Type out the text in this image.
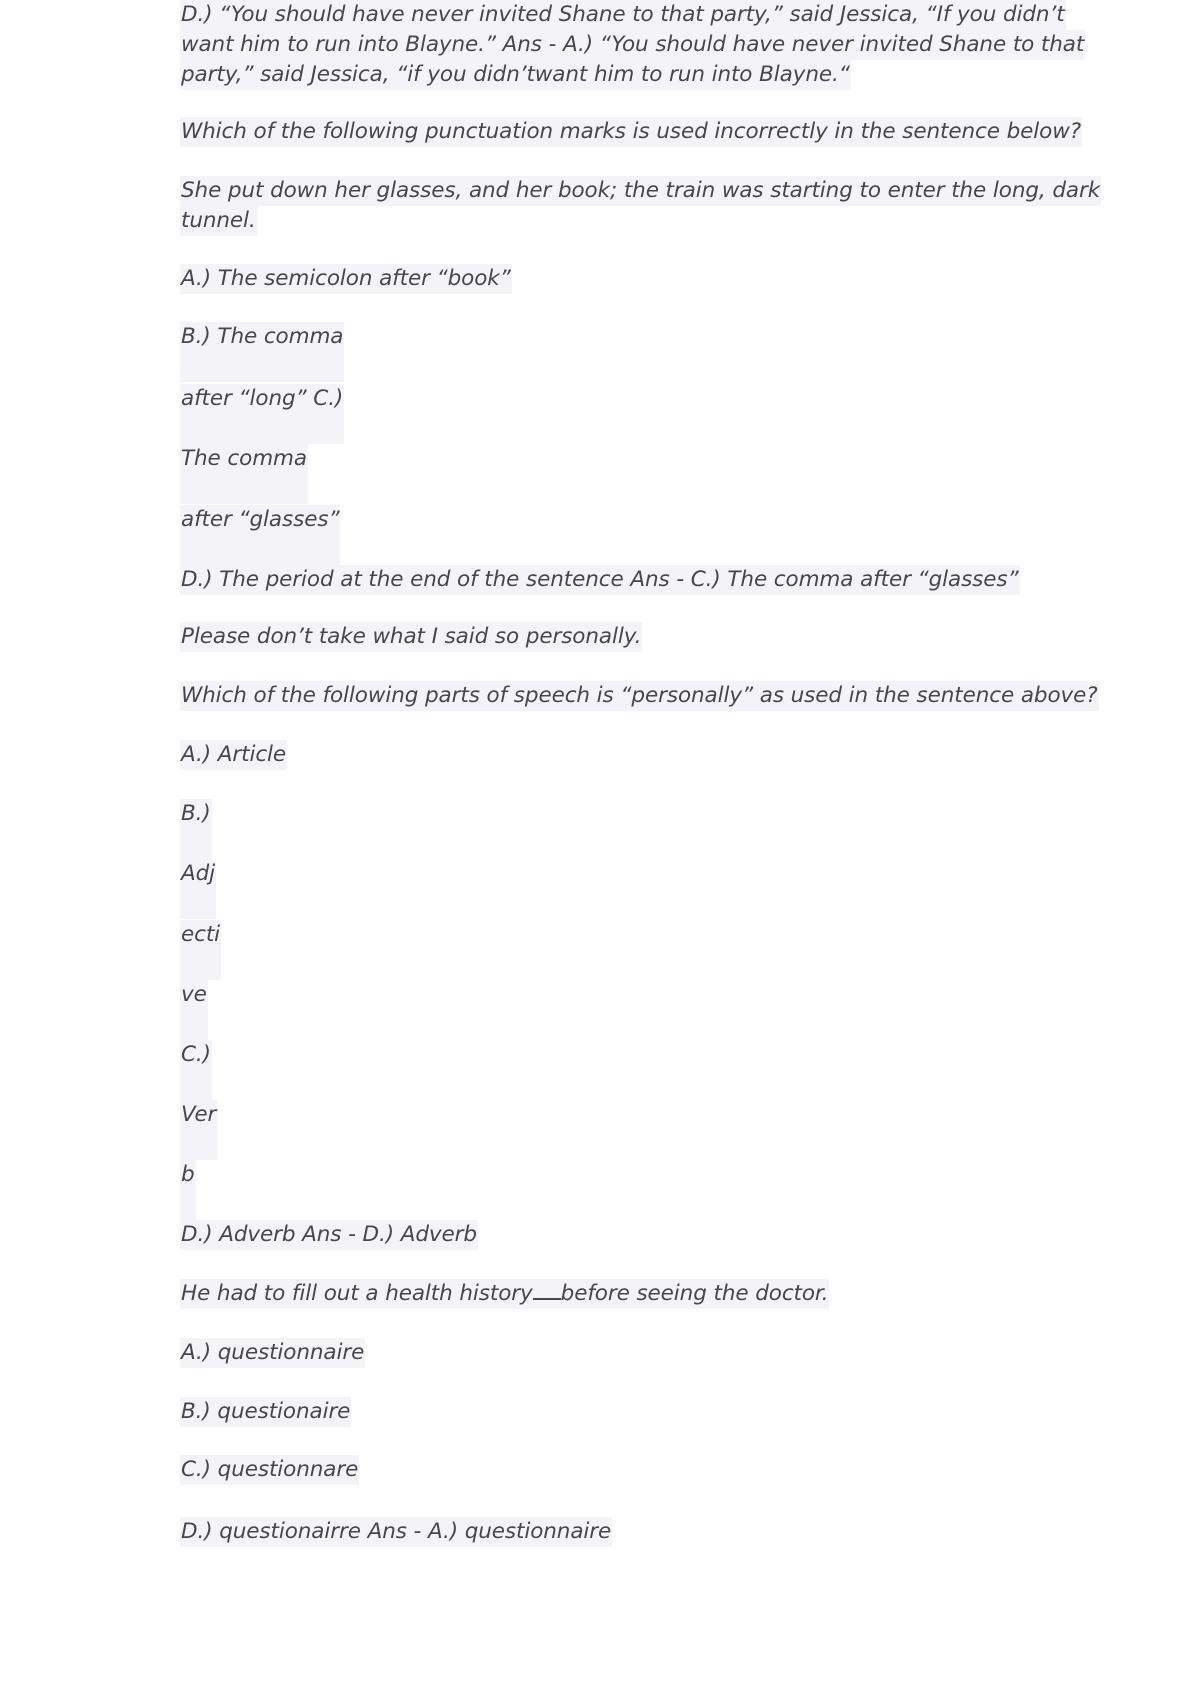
D.) “You should have never invited Shane to that party,” said Jessica, “If you didn’t
want him to run into Blayne.” Ans - A.) “You should have never invited Shane to that
party,” said Jessica, “if you didn’twant him to run into Blayne.“
Which of the following punctuation marks is used incorrectly in the sentence below?
She put down her glasses, and her book; the train was starting to enter the long, dark
tunnel.
A.) The semicolon after “book”
B.) The comma
after “long” C.)
The comma
after “glasses”
D.) The period at the end of the sentence Ans - C.) The comma after “glasses”
Please don’t take what I said so personally.
Which of the following parts of speech is “personally” as used in the sentence above?
A.) Article
B.)
Adj
ecti
ve
C.)
Ver
b
D.) Adverb Ans - D.) Adverb
He had to fill out a health history before seeing the doctor.
A.) questionnaire
B.) questionaire
C.) questionnare
D.) questionairre Ans - A.) questionnaire
